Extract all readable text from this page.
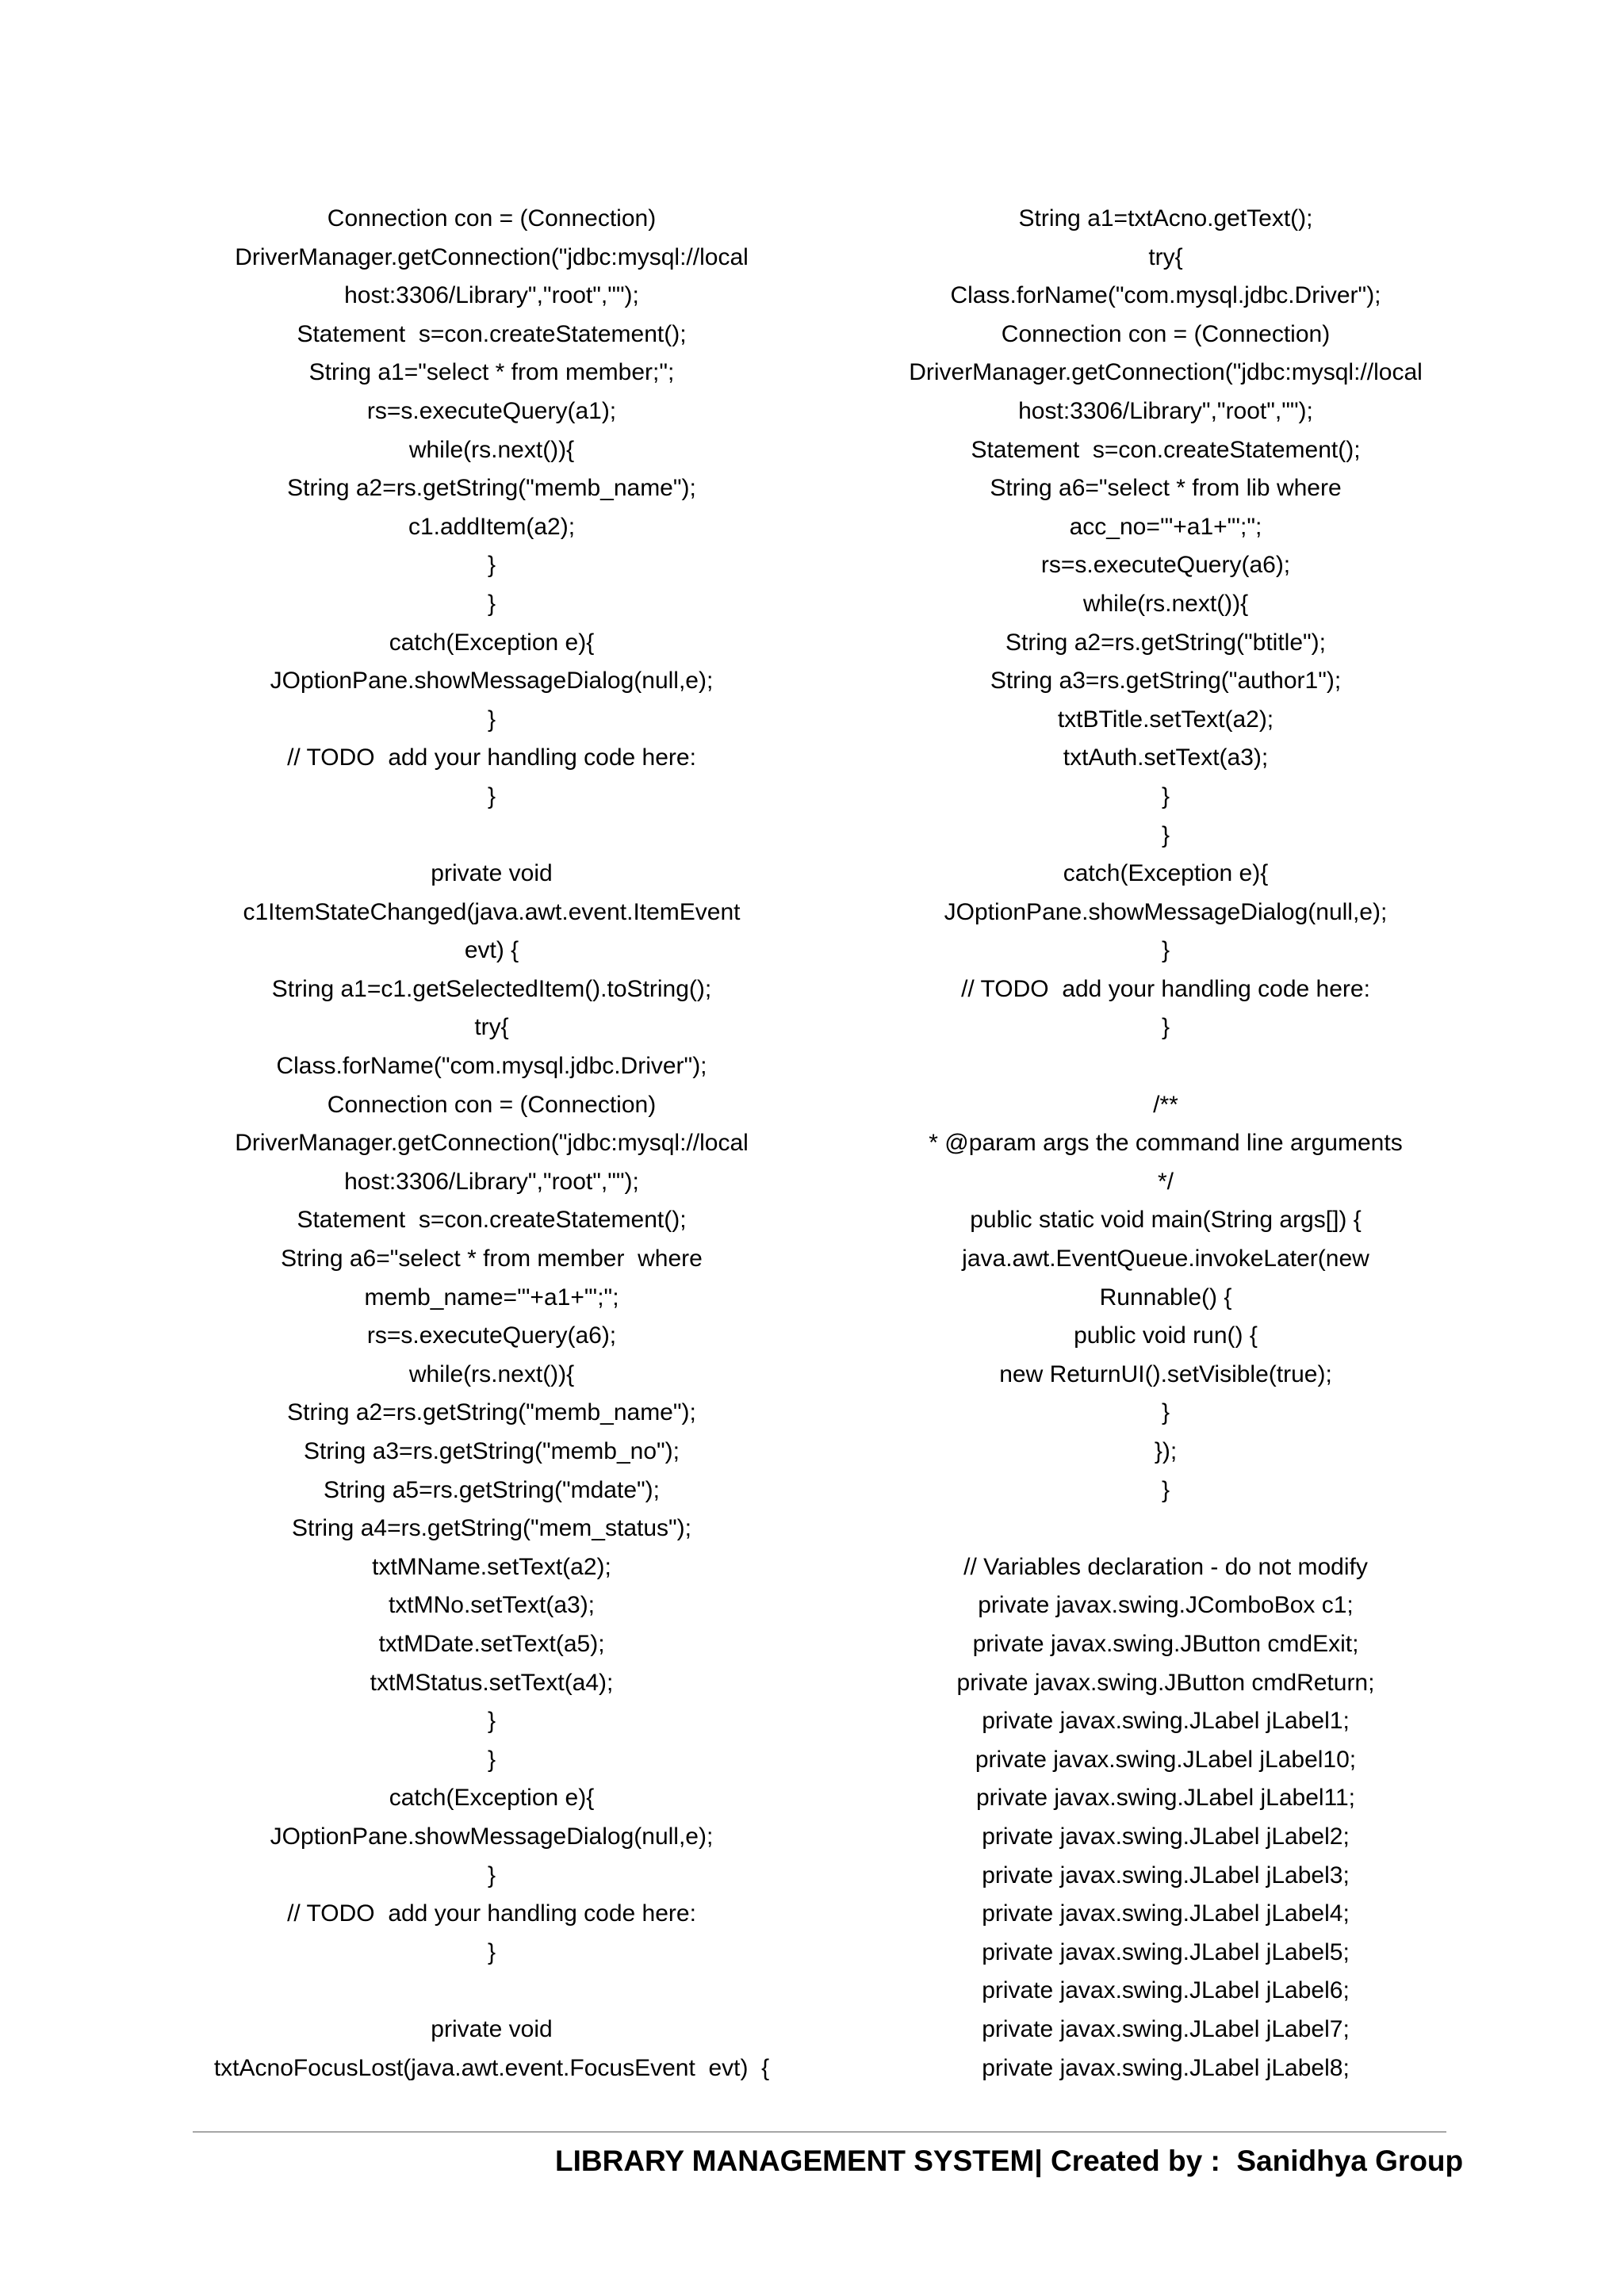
Connection con = (Connection)
DriverManager.getConnection("jdbc:mysql://local
host:3306/Library","root","");
Statement  s=con.createStatement();
String a1="select * from member;";
rs=s.executeQuery(a1);
while(rs.next()){
String a2=rs.getString("memb_name");
c1.addItem(a2);
}
}
catch(Exception e){
JOptionPane.showMessageDialog(null,e);
}
// TODO  add your handling code here:
}
private void
c1ItemStateChanged(java.awt.event.ItemEvent
evt) {
String a1=c1.getSelectedItem().toString();
try{
Class.forName("com.mysql.jdbc.Driver");
Connection con = (Connection)
DriverManager.getConnection("jdbc:mysql://local
host:3306/Library","root","");
Statement  s=con.createStatement();
String a6="select * from member  where
memb_name='"+a1+"';";
rs=s.executeQuery(a6);
while(rs.next()){
String a2=rs.getString("memb_name");
String a3=rs.getString("memb_no");
String a5=rs.getString("mdate");
String a4=rs.getString("mem_status");
txtMName.setText(a2);
txtMNo.setText(a3);
txtMDate.setText(a5);
txtMStatus.setText(a4);
}
}
catch(Exception e){
JOptionPane.showMessageDialog(null,e);
}
// TODO  add your handling code here:
}
private void
txtAcnoFocusLost(java.awt.event.FocusEvent  evt)  {
String a1=txtAcno.getText();
try{
Class.forName("com.mysql.jdbc.Driver");
Connection con = (Connection)
DriverManager.getConnection("jdbc:mysql://local
host:3306/Library","root","");
Statement  s=con.createStatement();
String a6="select * from lib where
acc_no='"+a1+"';";
rs=s.executeQuery(a6);
while(rs.next()){
String a2=rs.getString("btitle");
String a3=rs.getString("author1");
txtBTitle.setText(a2);
txtAuth.setText(a3);
}
}
catch(Exception e){
JOptionPane.showMessageDialog(null,e);
}
// TODO  add your handling code here:
}
/**
* @param args the command line arguments
*/
public static void main(String args[]) {
java.awt.EventQueue.invokeLater(new
Runnable() {
public void run() {
new ReturnUI().setVisible(true);
}
});
}
// Variables declaration - do not modify
private javax.swing.JComboBox c1;
private javax.swing.JButton cmdExit;
private javax.swing.JButton cmdReturn;
private javax.swing.JLabel jLabel1;
private javax.swing.JLabel jLabel10;
private javax.swing.JLabel jLabel11;
private javax.swing.JLabel jLabel2;
private javax.swing.JLabel jLabel3;
private javax.swing.JLabel jLabel4;
private javax.swing.JLabel jLabel5;
private javax.swing.JLabel jLabel6;
private javax.swing.JLabel jLabel7;
private javax.swing.JLabel jLabel8;
LIBRARY MANAGEMENT SYSTEM| Created by :  Sanidhya Group
